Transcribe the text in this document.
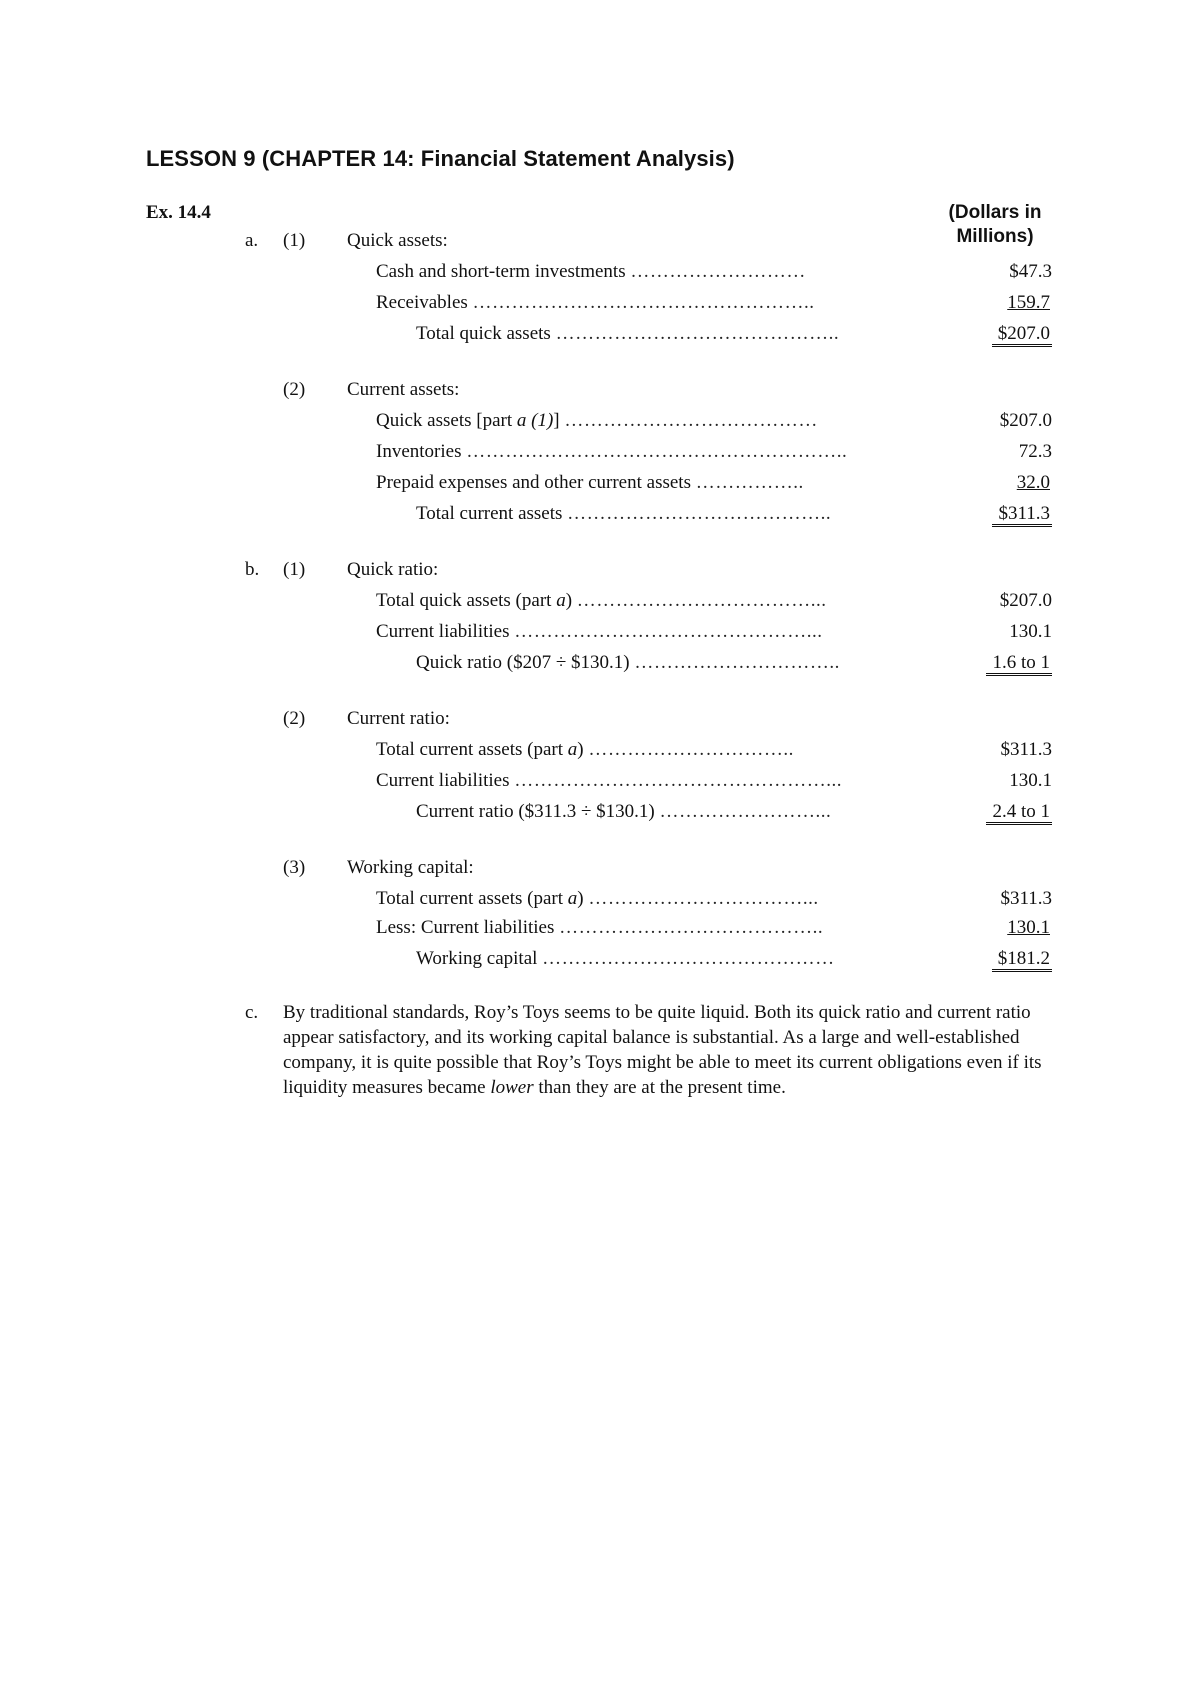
LESSON 9 (CHAPTER 14: Financial Statement Analysis)
Ex. 14.4	(Dollars in
Millions)
a. (1) Quick assets:
Cash and short-term investments ………………………	$47.3
Receivables ……………………………………………..	159.7
Total quick assets ……………………………………..	$207.0
(2) Current assets:
Quick assets [part a (1)] …………………………………	$207.0
Inventories …………………………………………………..	72.3
Prepaid expenses and other current assets ……………..	32.0
Total current assets …………………………………..	$311.3
b. (1) Quick ratio:
Total quick assets (part a) ………………………………...	$207.0
Current liabilities ………………………………………...	130.1
Quick ratio ($207 ÷ $130.1) …………………………..	1.6 to 1
(2) Current ratio:
Total current assets (part a) …………………………..	$311.3
Current liabilities …………………………………………...	130.1
Current ratio ($311.3 ÷ $130.1) ……………………...	2.4 to 1
(3) Working capital:
Total current assets (part a) ……………………………...	$311.3
Less: Current liabilities …………………………………..	130.1
Working capital ………………………………………	$181.2
c. By traditional standards, Roy’s Toys seems to be quite liquid. Both its quick ratio and current ratio appear satisfactory, and its working capital balance is substantial. As a large and well-established company, it is quite possible that Roy’s Toys might be able to meet its current obligations even if its liquidity measures became lower than they are at the present time.
